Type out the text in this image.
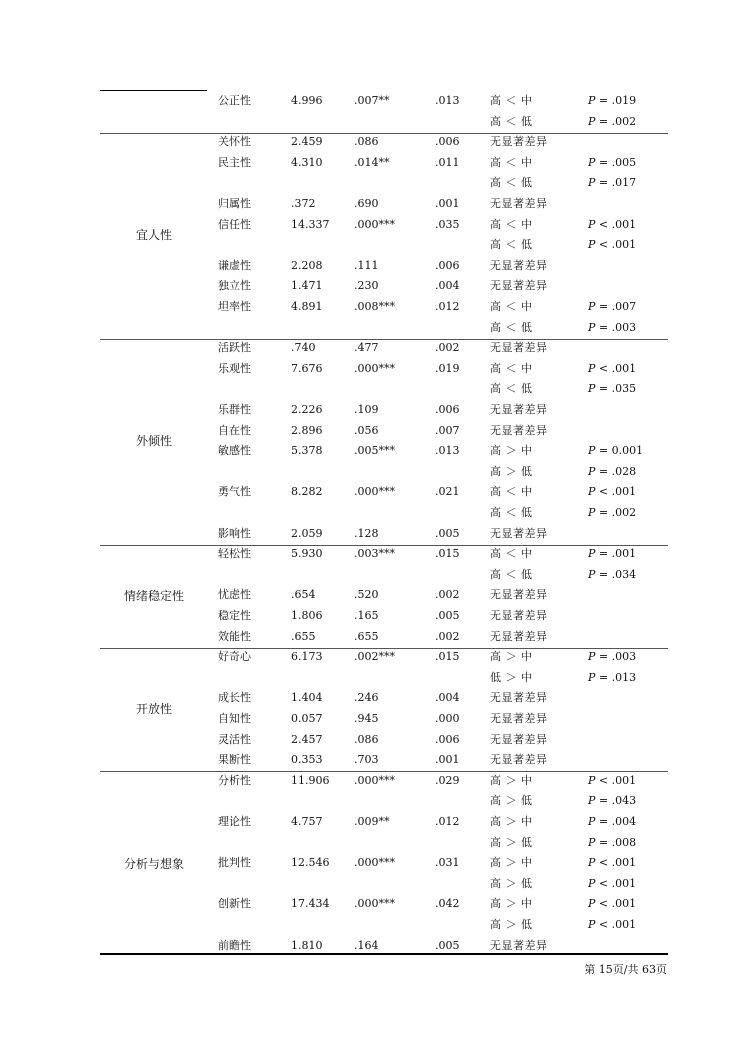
公正性	4.996	.007**	.013	高 ＜ 中	P = .019
高 ＜ 低	P = .002
关怀性	2.459	.086	.006	无显著差异
民主性	4.310	.014**	.011	高 ＜ 中	P = .005
高 ＜ 低	P = .017
归属性	.372	.690	.001	无显著差异
信任性	14.337 .000***	.035	高 ＜ 中	P < .001
高 ＜ 低	P < .001
谦虚性	2.208	.111	.006	无显著差异
独立性	1.471	.230	.004	无显著差异
坦率性	4.891	.008***	.012	高 ＜ 中	P = .007
高 ＜ 低	P = .003
宜人性
活跃性	.740	.477	.002	无显著差异
乐观性	7.676	.000***	.019	高 ＜ 中	P < .001
高 ＜ 低	P = .035
乐群性	2.226	.109	.006	无显著差异
自在性	2.896	.056	.007	无显著差异
敏感性	5.378	.005***	.013	高 ＞ 中	P = 0.001
高 ＞ 低	P = .028
勇气性	8.282	.000***	.021	高 ＜ 中	P < .001
高 ＜ 低	P = .002
影响性	2.059	.128	.005	无显著差异
外倾性
轻松性	5.930	.003***	.015	高 ＜ 中	P = .001
高 ＜ 低	P = .034
忧虑性	.654	.520	.002	无显著差异
稳定性	1.806	.165	.005	无显著差异
效能性	.655	.655	.002	无显著差异
情绪稳定性
好奇心	6.173	.002***	.015	高 ＞ 中	P = .003
低 ＞ 中	P = .013
成长性	1.404	.246	.004	无显著差异
自知性	0.057	.945	.000	无显著差异
灵活性	2.457	.086	.006	无显著差异
果断性	0.353	.703	.001	无显著差异
开放性
分析性	11.906 .000***	.029	高 ＞ 中	P < .001
高 ＞ 低	P = .043
理论性	4.757	.009**	.012	高 ＞ 中	P = .004
高 ＞ 低	P = .008
批判性	12.546 .000***	.031	高 ＞ 中	P < .001
高 ＞ 低	P < .001
创新性	17.434 .000***	.042	高 ＞ 中	P < .001
高 ＞ 低	P < .001
前瞻性	1.810	.164	.005	无显著差异
分析与想象
第 15页/共 63页
